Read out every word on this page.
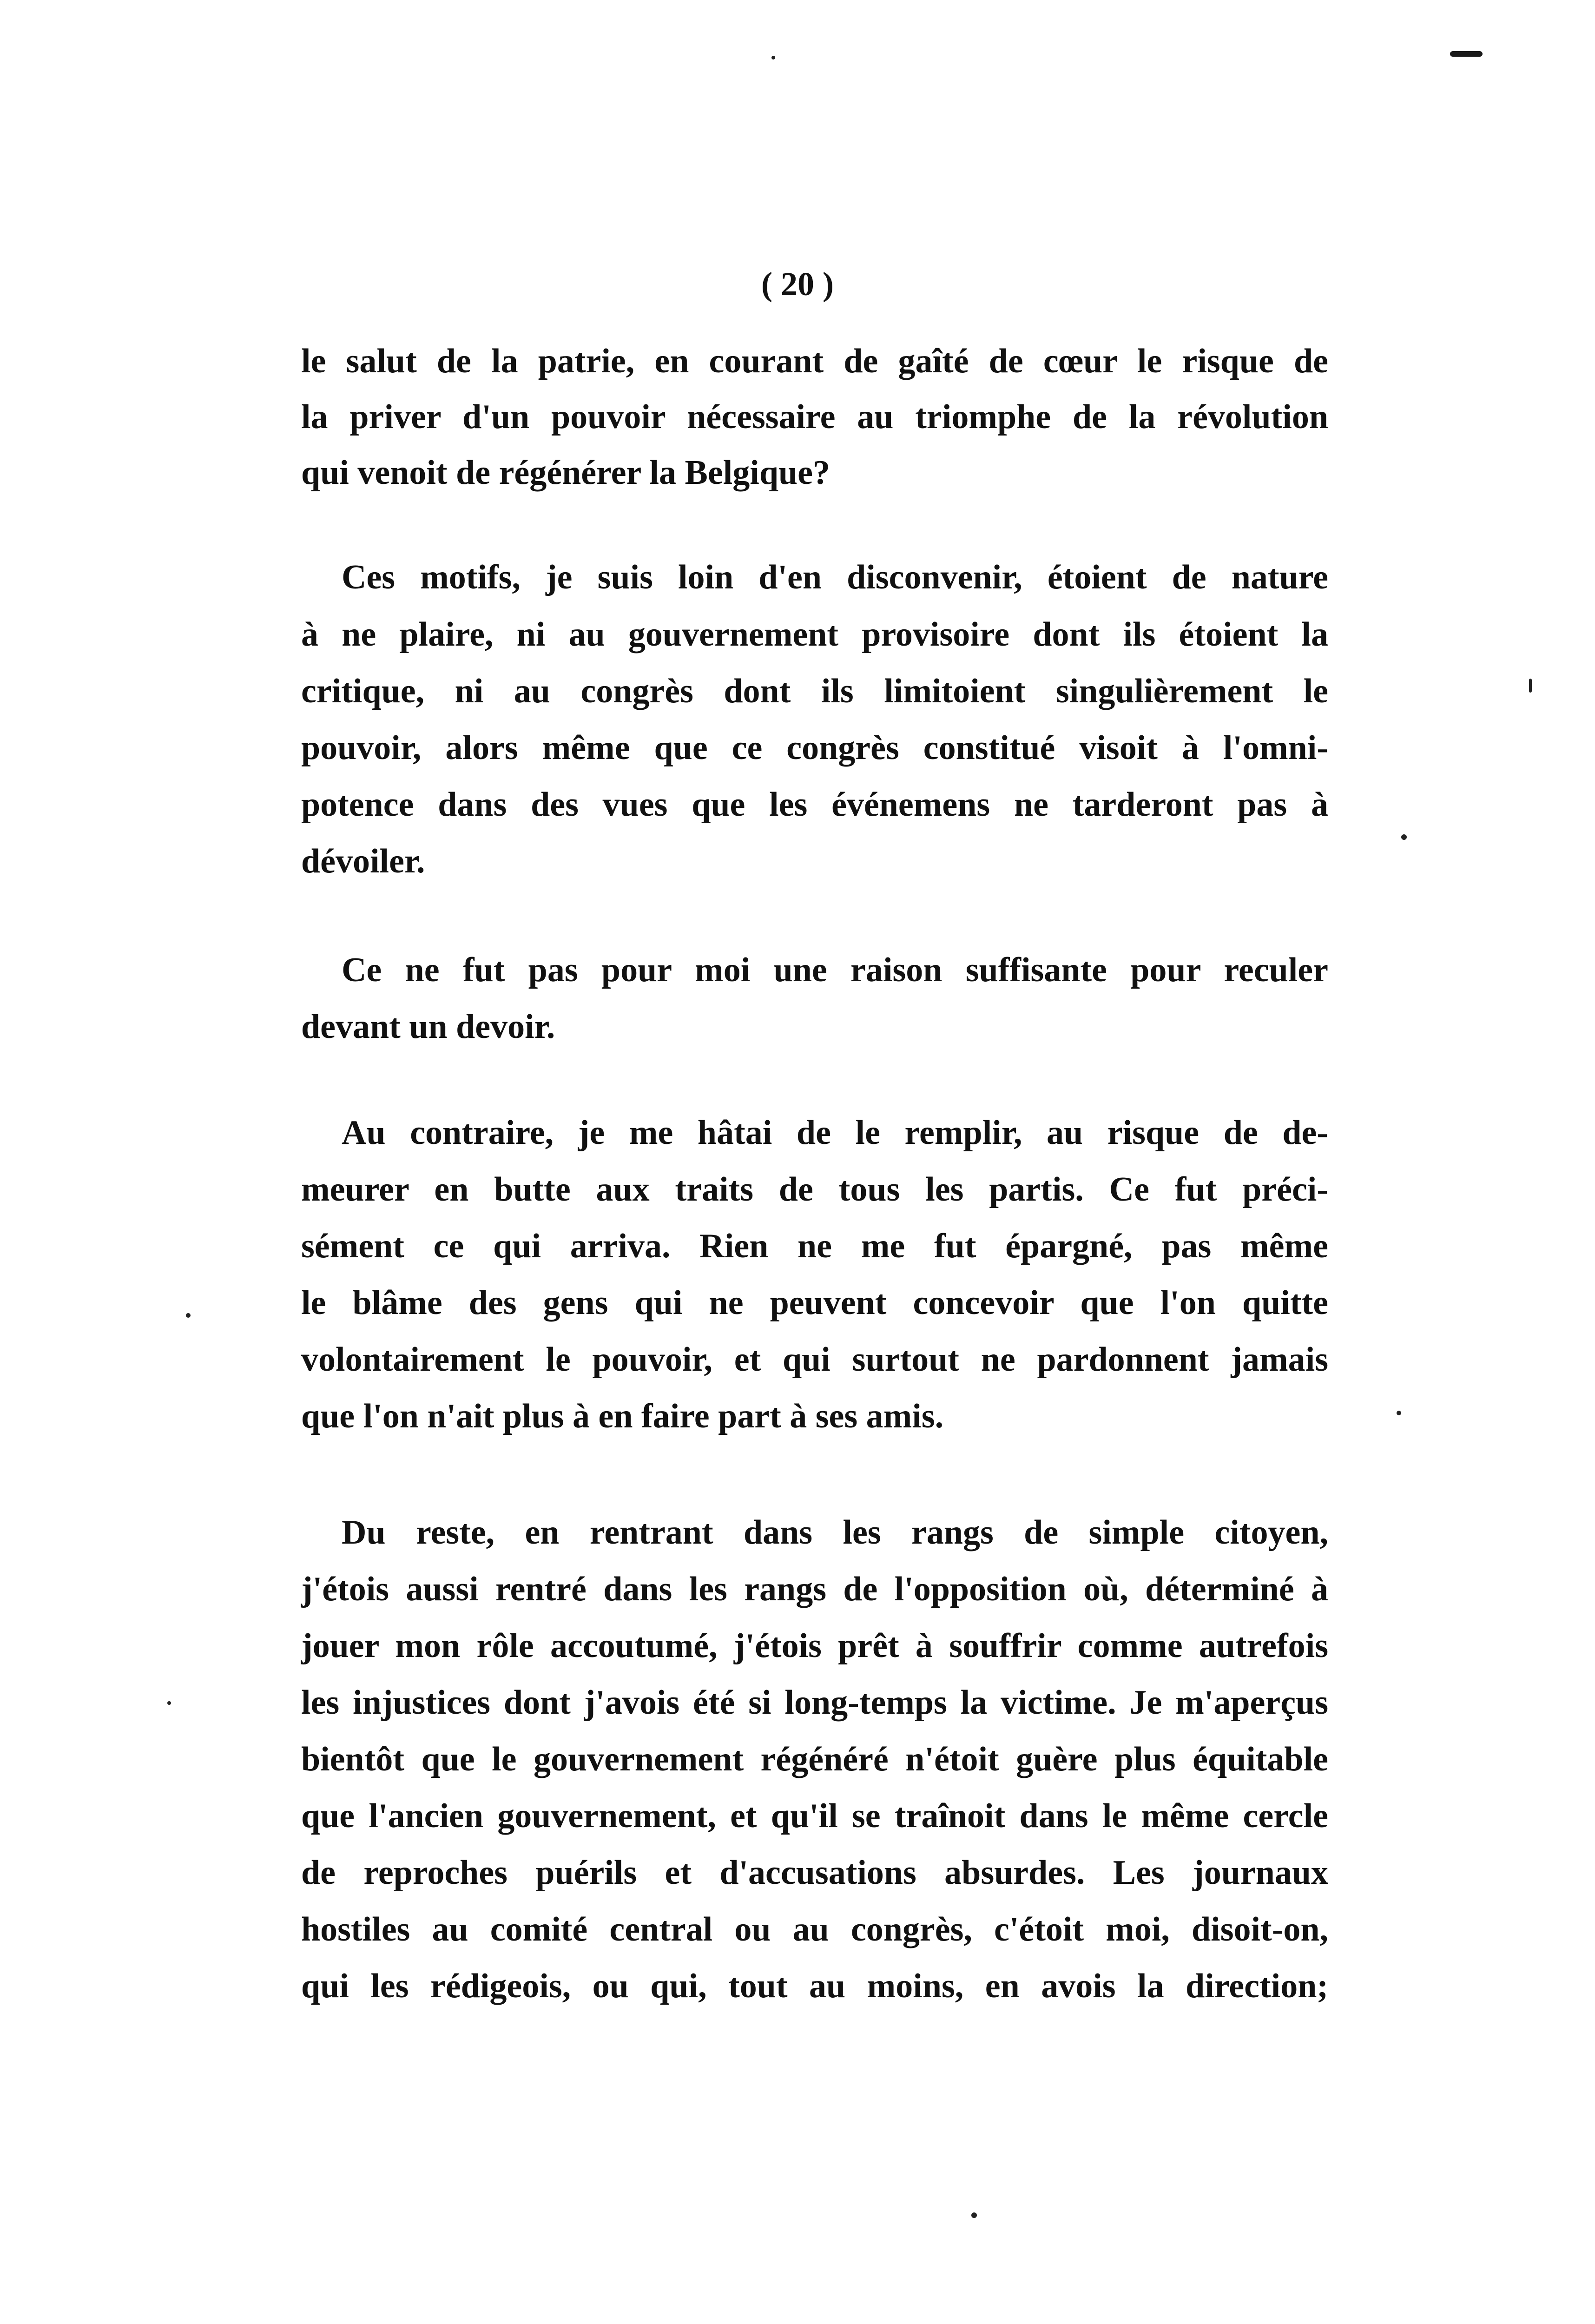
( 20 )
le salut de la patrie, en courant de gaîté de cœur le risque de
la priver d'un pouvoir nécessaire au triomphe de la révolution
qui venoit de régénérer la Belgique?
Ces motifs, je suis loin d'en disconvenir, étoient de nature
à ne plaire, ni au gouvernement provisoire dont ils étoient la
critique, ni au congrès dont ils limitoient singulièrement le
pouvoir, alors même que ce congrès constitué visoit à l'omni-
potence dans des vues que les événemens ne tarderont pas à
dévoiler.
Ce ne fut pas pour moi une raison suffisante pour reculer
devant un devoir.
Au contraire, je me hâtai de le remplir, au risque de de-
meurer en butte aux traits de tous les partis. Ce fut préci-
sément ce qui arriva. Rien ne me fut épargné, pas même
le blâme des gens qui ne peuvent concevoir que l'on quitte
volontairement le pouvoir, et qui surtout ne pardonnent jamais
que l'on n'ait plus à en faire part à ses amis.
Du reste, en rentrant dans les rangs de simple citoyen,
j'étois aussi rentré dans les rangs de l'opposition où, déterminé à
jouer mon rôle accoutumé, j'étois prêt à souffrir comme autrefois
les injustices dont j'avois été si long-temps la victime. Je m'aperçus
bientôt que le gouvernement régénéré n'étoit guère plus équitable
que l'ancien gouvernement, et qu'il se traînoit dans le même cercle
de reproches puérils et d'accusations absurdes. Les journaux
hostiles au comité central ou au congrès, c'étoit moi, disoit-on,
qui les rédigeois, ou qui, tout au moins, en avois la direction;
